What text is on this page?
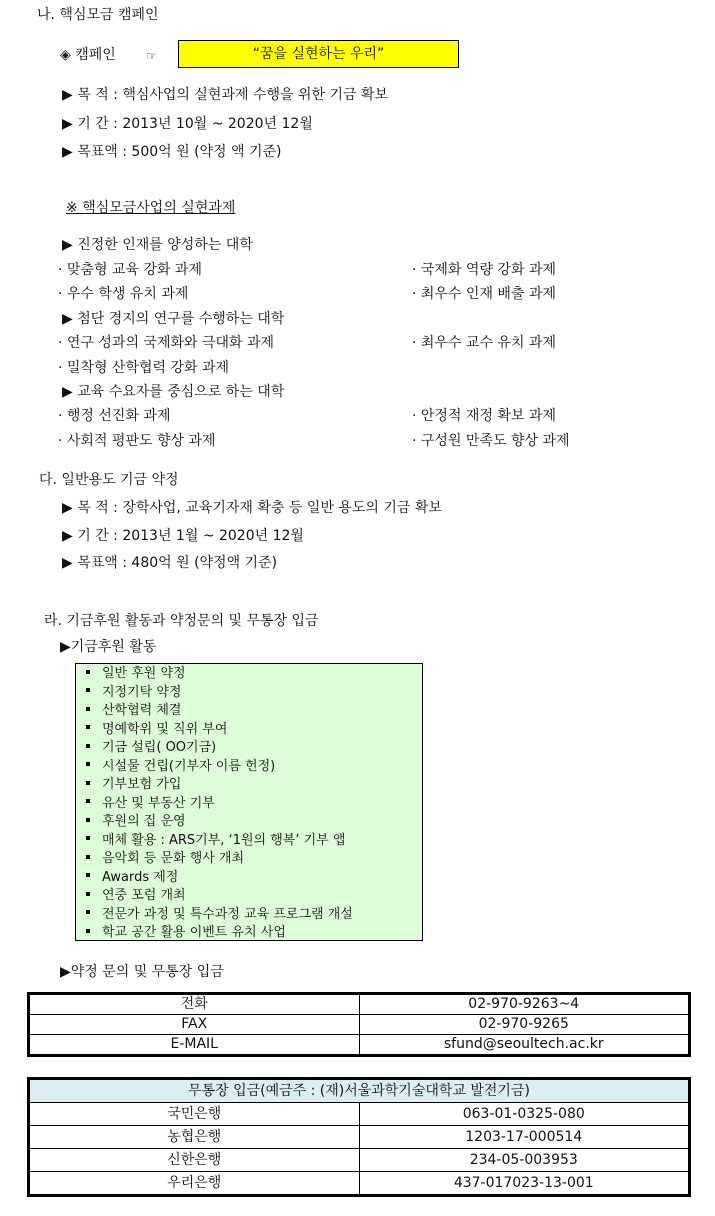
나. 핵심모금 캠페인
◈ 캠페인	☞	“꿈을 실현하는 우리”
▶ 목 적 : 핵심사업의 실현과제 수행을 위한 기금 확보
▶ 기 간 : 2013년 10월 ~ 2020년 12월
▶ 목표액 : 500억 원 (약정 액 기준)
※ 핵심모금사업의 실현과제
▶ 진정한 인재를 양성하는 대학
· 맞춤형 교육 강화 과제	· 국제화 역량 강화 과제
· 우수 학생 유치 과제	· 최우수 인재 배출 과제
▶ 첨단 경지의 연구를 수행하는 대학
· 연구 성과의 국제화와 극대화 과제	· 최우수 교수 유치 과제
· 밀착형 산학협력 강화 과제
▶ 교육 수요자를 중심으로 하는 대학
· 행정 선진화 과제	· 안정적 재정 확보 과제
· 사회적 평판도 향상 과제	· 구성원 만족도 향상 과제
다. 일반용도 기금 약정
▶ 목 적 : 장학사업, 교육기자재 확충 등 일반 용도의 기금 확보
▶ 기 간 : 2013년 1월 ~ 2020년 12월
▶ 목표액 : 480억 원 (약정액 기준)
라. 기금후원 활동과 약정문의 및 무통장 입금
▶기금후원 활동
일반 후원 약정
지정기탁 약정
산학협력 체결
명예학위 및 직위 부여
기금 설립( OO기금)
시설물 건립(기부자 이름 헌정)
기부보험 가입
유산 및 부동산 기부
후원의 집 운영
매체 활용 : ARS기부, ‘1원의 행복’ 기부 앱
음악회 등 문화 행사 개최
Awards 제정
연중 포럼 개최
전문가 과정 및 특수과정 교육 프로그램 개설
학교 공간 활용 이벤트 유치 사업
▶약정 문의 및 무통장 입금
전화	02-970-9263~4
FAX	02-970-9265
E-MAIL	sfund@seoultech.ac.kr
무통장 입금(예금주 : (재)서울과학기술대학교 발전기금)	
국민은행	063-01-0325-080
농협은행	1203-17-000514
신한은행	234-05-003953
우리은행	437-017023-13-001
